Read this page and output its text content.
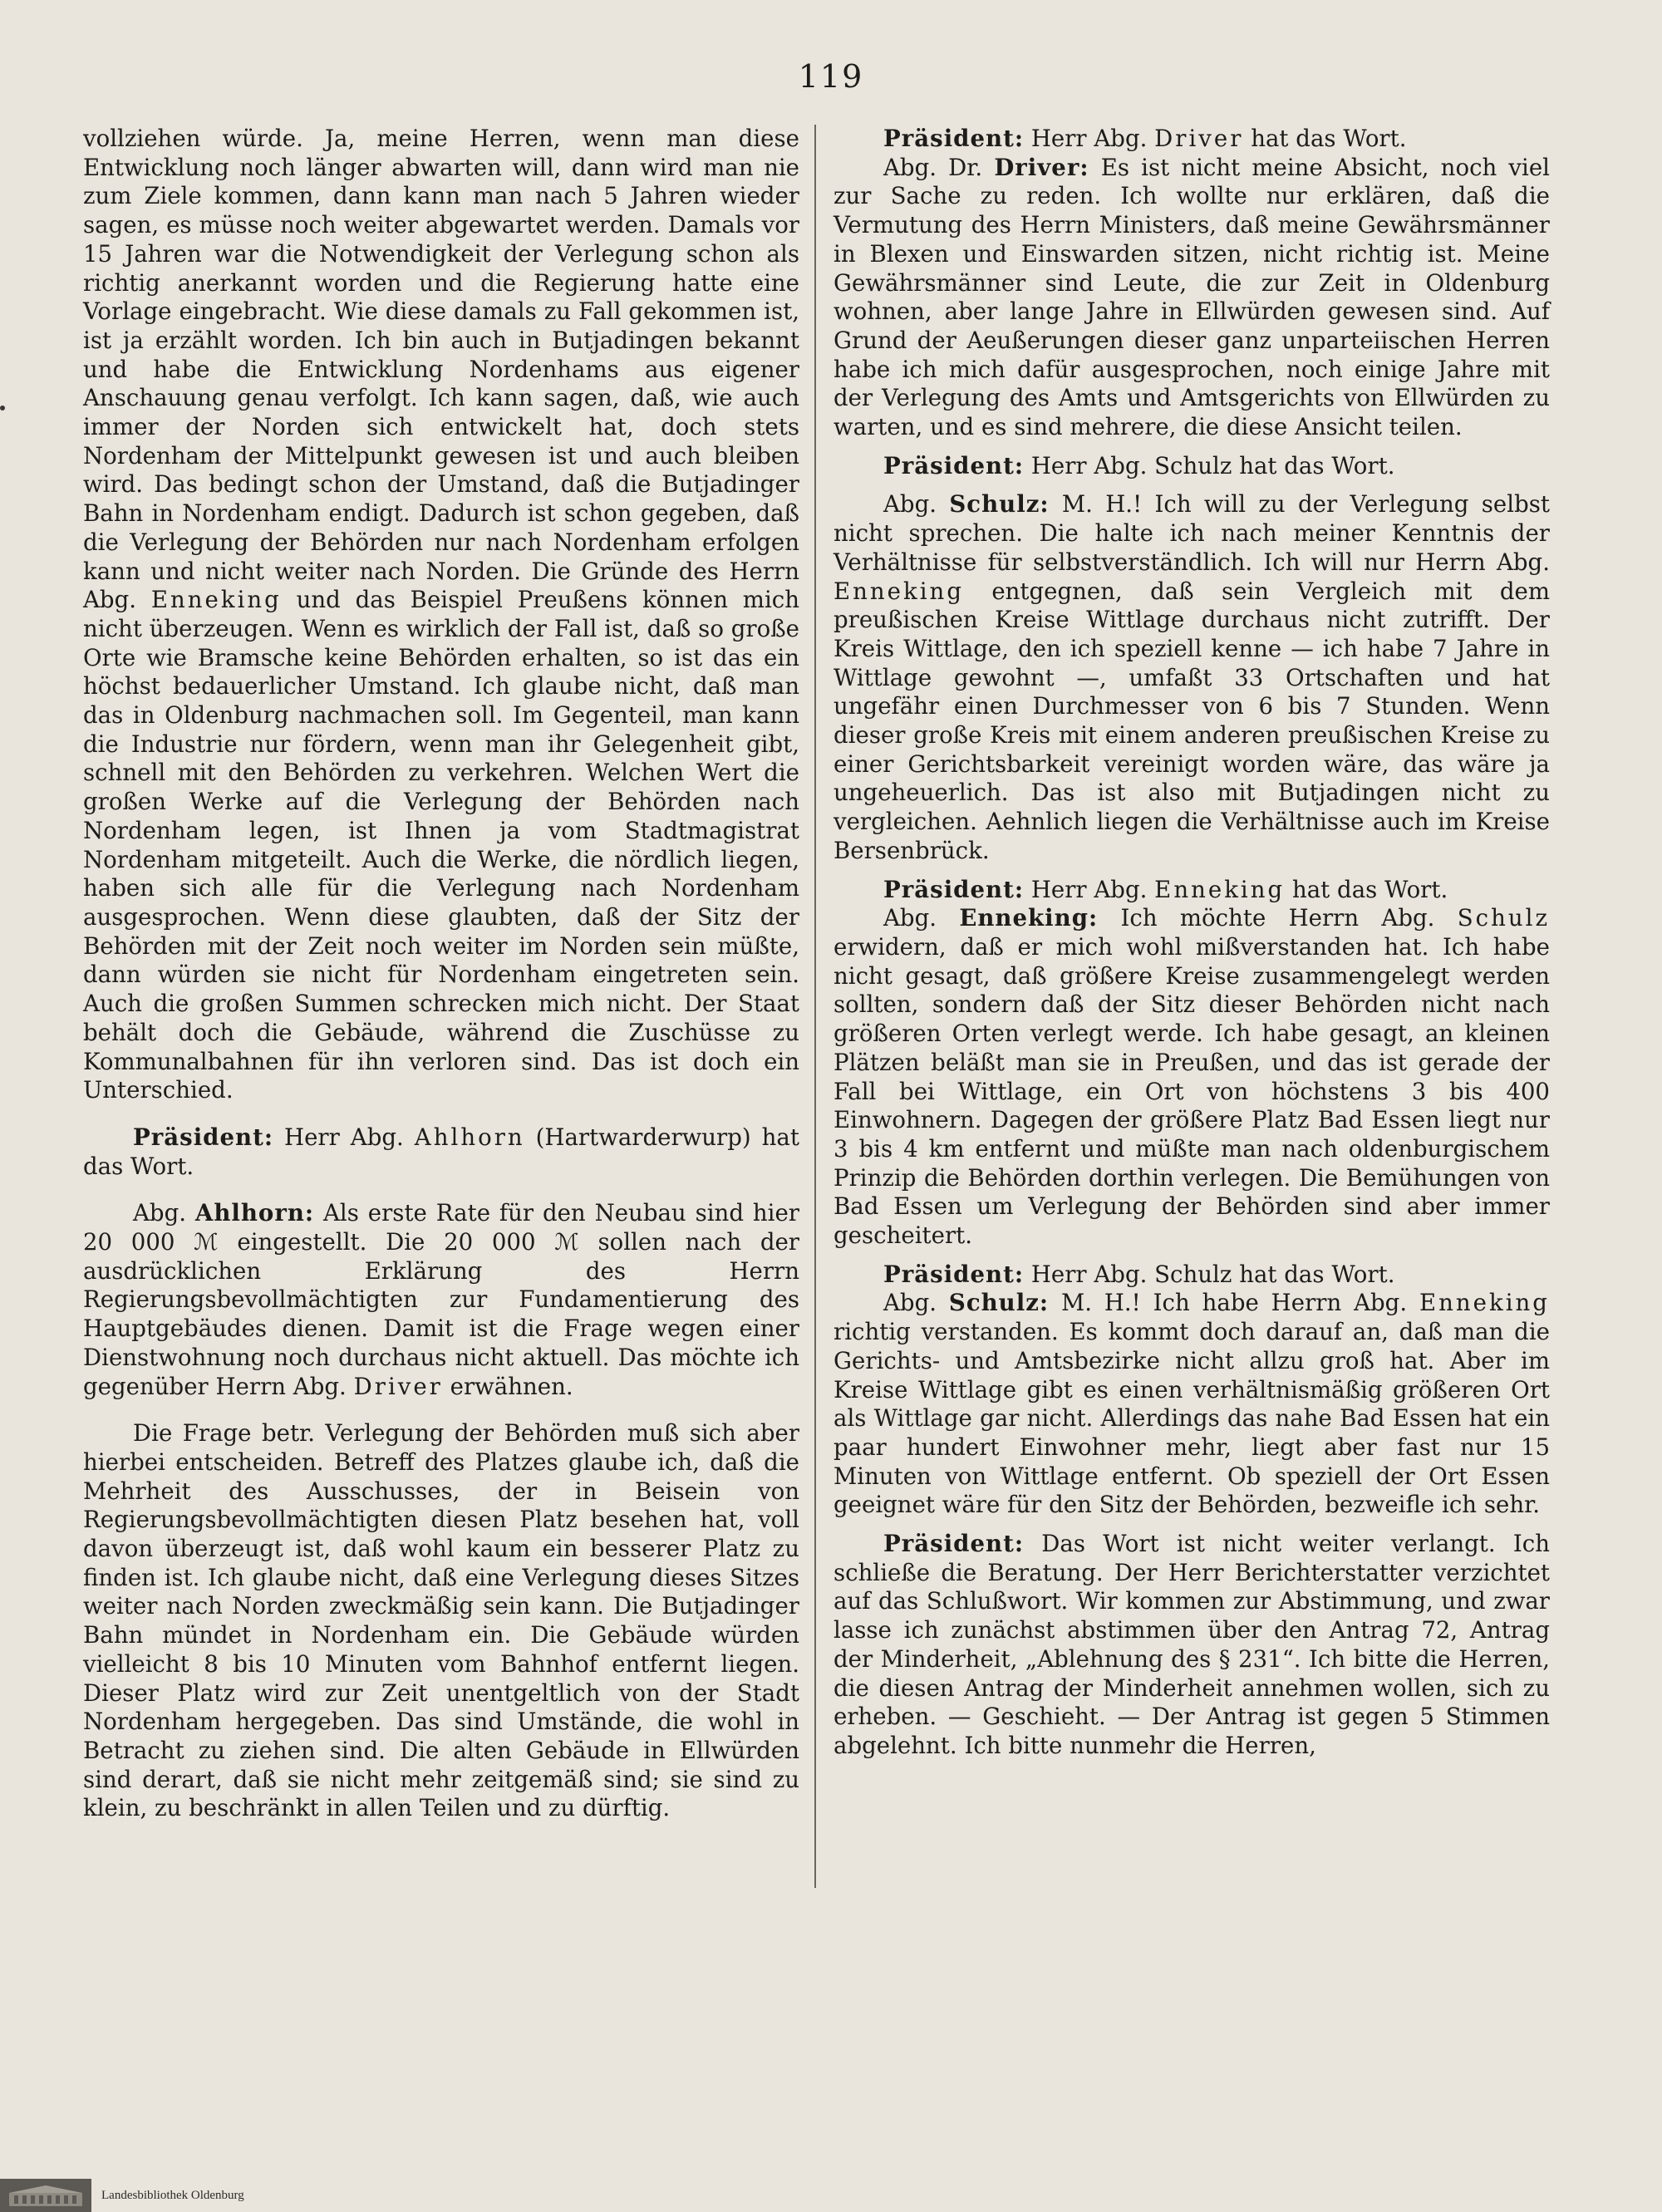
119

vollziehen würde. Ja, meine Herren, wenn man diese Entwicklung noch länger abwarten will, dann wird man nie zum Ziele kommen, dann kann man nach 5 Jahren wieder sagen, es müsse noch weiter abgewartet werden. Damals vor 15 Jahren war die Notwendigkeit der Verlegung schon als richtig anerkannt worden und die Regierung hatte eine Vorlage eingebracht. Wie diese damals zu Fall gekommen ist, ist ja erzählt worden. Ich bin auch in Butjadingen bekannt und habe die Entwicklung Nordenhams aus eigener Anschauung genau verfolgt. Ich kann sagen, daß, wie auch immer der Norden sich entwickelt hat, doch stets Nordenham der Mittelpunkt gewesen ist und auch bleiben wird. Das bedingt schon der Umstand, daß die Butjadinger Bahn in Nordenham endigt. Dadurch ist schon gegeben, daß die Verlegung der Behörden nur nach Nordenham erfolgen kann und nicht weiter nach Norden. Die Gründe des Herrn Abg. Enneking und das Beispiel Preußens können mich nicht überzeugen. Wenn es wirklich der Fall ist, daß so große Orte wie Bramsche keine Behörden erhalten, so ist das ein höchst bedauerlicher Umstand. Ich glaube nicht, daß man das in Oldenburg nachmachen soll. Im Gegenteil, man kann die Industrie nur fördern, wenn man ihr Gelegenheit gibt, schnell mit den Behörden zu verkehren. Welchen Wert die großen Werke auf die Verlegung der Behörden nach Nordenham legen, ist Ihnen ja vom Stadtmagistrat Nordenham mitgeteilt. Auch die Werke, die nördlich liegen, haben sich alle für die Verlegung nach Nordenham ausgesprochen. Wenn diese glaubten, daß der Sitz der Behörden mit der Zeit noch weiter im Norden sein müßte, dann würden sie nicht für Nordenham eingetreten sein. Auch die großen Summen schrecken mich nicht. Der Staat behält doch die Gebäude, während die Zuschüsse zu Kommunalbahnen für ihn verloren sind. Das ist doch ein Unterschied.

Präsident: Herr Abg. Ahlhorn (Hartwarderwurp) hat das Wort.

Abg. Ahlhorn: Als erste Rate für den Neubau sind hier 20 000 ℳ eingestellt. Die 20 000 ℳ sollen nach der ausdrücklichen Erklärung des Herrn Regierungsbevollmächtigten zur Fundamentierung des Hauptgebäudes dienen. Damit ist die Frage wegen einer Dienstwohnung noch durchaus nicht aktuell. Das möchte ich gegenüber Herrn Abg. Driver erwähnen.

Die Frage betr. Verlegung der Behörden muß sich aber hierbei entscheiden. Betreff des Platzes glaube ich, daß die Mehrheit des Ausschusses, der in Beisein von Regierungsbevollmächtigten diesen Platz besehen hat, voll davon überzeugt ist, daß wohl kaum ein besserer Platz zu finden ist. Ich glaube nicht, daß eine Verlegung dieses Sitzes weiter nach Norden zweckmäßig sein kann. Die Butjadinger Bahn mündet in Nordenham ein. Die Gebäude würden vielleicht 8 bis 10 Minuten vom Bahnhof entfernt liegen. Dieser Platz wird zur Zeit unentgeltlich von der Stadt Nordenham hergegeben. Das sind Umstände, die wohl in Betracht zu ziehen sind. Die alten Gebäude in Ellwürden sind derart, daß sie nicht mehr zeitgemäß sind; sie sind zu klein, zu beschränkt in allen Teilen und zu dürftig.

Präsident: Herr Abg. Driver hat das Wort.

Abg. Dr. Driver: Es ist nicht meine Absicht, noch viel zur Sache zu reden. Ich wollte nur erklären, daß die Vermutung des Herrn Ministers, daß meine Gewährsmänner in Blexen und Einswarden sitzen, nicht richtig ist. Meine Gewährsmänner sind Leute, die zur Zeit in Oldenburg wohnen, aber lange Jahre in Ellwürden gewesen sind. Auf Grund der Aeußerungen dieser ganz unparteiischen Herren habe ich mich dafür ausgesprochen, noch einige Jahre mit der Verlegung des Amts und Amtsgerichts von Ellwürden zu warten, und es sind mehrere, die diese Ansicht teilen.

Präsident: Herr Abg. Schulz hat das Wort.

Abg. Schulz: M. H.! Ich will zu der Verlegung selbst nicht sprechen. Die halte ich nach meiner Kenntnis der Verhältnisse für selbstverständlich. Ich will nur Herrn Abg. Enneking entgegnen, daß sein Vergleich mit dem preußischen Kreise Wittlage durchaus nicht zutrifft. Der Kreis Wittlage, den ich speziell kenne — ich habe 7 Jahre in Wittlage gewohnt —, umfaßt 33 Ortschaften und hat ungefähr einen Durchmesser von 6 bis 7 Stunden. Wenn dieser große Kreis mit einem anderen preußischen Kreise zu einer Gerichtsbarkeit vereinigt worden wäre, das wäre ja ungeheuerlich. Das ist also mit Butjadingen nicht zu vergleichen. Aehnlich liegen die Verhältnisse auch im Kreise Bersenbrück.

Präsident: Herr Abg. Enneking hat das Wort.

Abg. Enneking: Ich möchte Herrn Abg. Schulz erwidern, daß er mich wohl mißverstanden hat. Ich habe nicht gesagt, daß größere Kreise zusammengelegt werden sollten, sondern daß der Sitz dieser Behörden nicht nach größeren Orten verlegt werde. Ich habe gesagt, an kleinen Plätzen beläßt man sie in Preußen, und das ist gerade der Fall bei Wittlage, ein Ort von höchstens 3 bis 400 Einwohnern. Dagegen der größere Platz Bad Essen liegt nur 3 bis 4 km entfernt und müßte man nach oldenburgischem Prinzip die Behörden dorthin verlegen. Die Bemühungen von Bad Essen um Verlegung der Behörden sind aber immer gescheitert.

Präsident: Herr Abg. Schulz hat das Wort.

Abg. Schulz: M. H.! Ich habe Herrn Abg. Enneking richtig verstanden. Es kommt doch darauf an, daß man die Gerichts- und Amtsbezirke nicht allzu groß hat. Aber im Kreise Wittlage gibt es einen verhältnismäßig größeren Ort als Wittlage gar nicht. Allerdings das nahe Bad Essen hat ein paar hundert Einwohner mehr, liegt aber fast nur 15 Minuten von Wittlage entfernt. Ob speziell der Ort Essen geeignet wäre für den Sitz der Behörden, bezweifle ich sehr.

Präsident: Das Wort ist nicht weiter verlangt. Ich schließe die Beratung. Der Herr Berichterstatter verzichtet auf das Schlußwort. Wir kommen zur Abstimmung, und zwar lasse ich zunächst abstimmen über den Antrag 72, Antrag der Minderheit, „Ablehnung des § 231“. Ich bitte die Herren, die diesen Antrag der Minderheit annehmen wollen, sich zu erheben. — Geschieht. — Der Antrag ist gegen 5 Stimmen abgelehnt. Ich bitte nunmehr die Herren,

Landesbibliothek Oldenburg
